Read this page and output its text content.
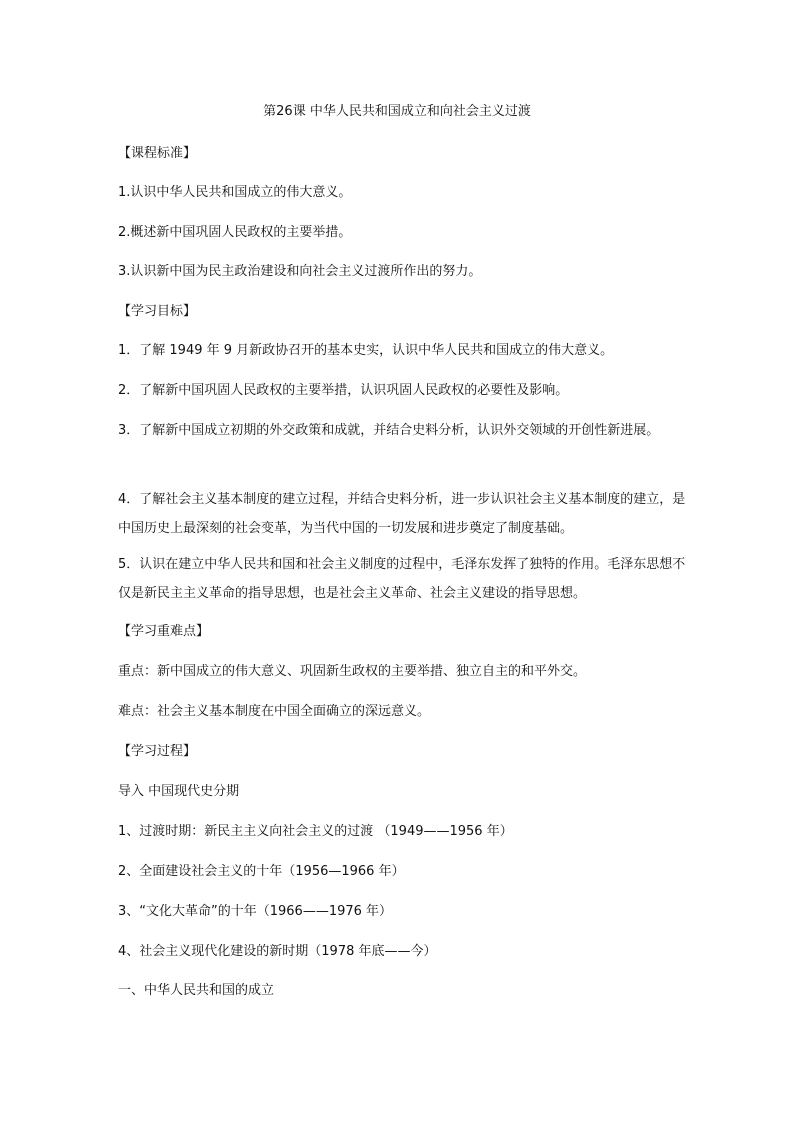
第26课 中华人民共和国成立和向社会主义过渡
【课程标准】
1.认识中华人民共和国成立的伟大意义。
2.概述新中国巩固人民政权的主要举措。
3.认识新中国为民主政治建设和向社会主义过渡所作出的努力。
【学习目标】
1．了解 1949 年 9 月新政协召开的基本史实，认识中华人民共和国成立的伟大意义。
2．了解新中国巩固人民政权的主要举措，认识巩固人民政权的必要性及影响。
3．了解新中国成立初期的外交政策和成就，并结合史料分析，认识外交领域的开创性新进展。
4．了解社会主义基本制度的建立过程，并结合史料分析，进一步认识社会主义基本制度的建立，是中国历史上最深刻的社会变革，为当代中国的一切发展和进步奠定了制度基础。
5．认识在建立中华人民共和国和社会主义制度的过程中，毛泽东发挥了独特的作用。毛泽东思想不仅是新民主主义革命的指导思想，也是社会主义革命、社会主义建设的指导思想。
【学习重难点】
重点：新中国成立的伟大意义、巩固新生政权的主要举措、独立自主的和平外交。
难点：社会主义基本制度在中国全面确立的深远意义。
【学习过程】
导入 中国现代史分期
1、过渡时期：新民主主义向社会主义的过渡 （1949——1956 年）
2、全面建设社会主义的十年（1956—1966 年）
3、“文化大革命”的十年（1966——1976 年）
4、社会主义现代化建设的新时期（1978 年底——今）
一、中华人民共和国的成立
